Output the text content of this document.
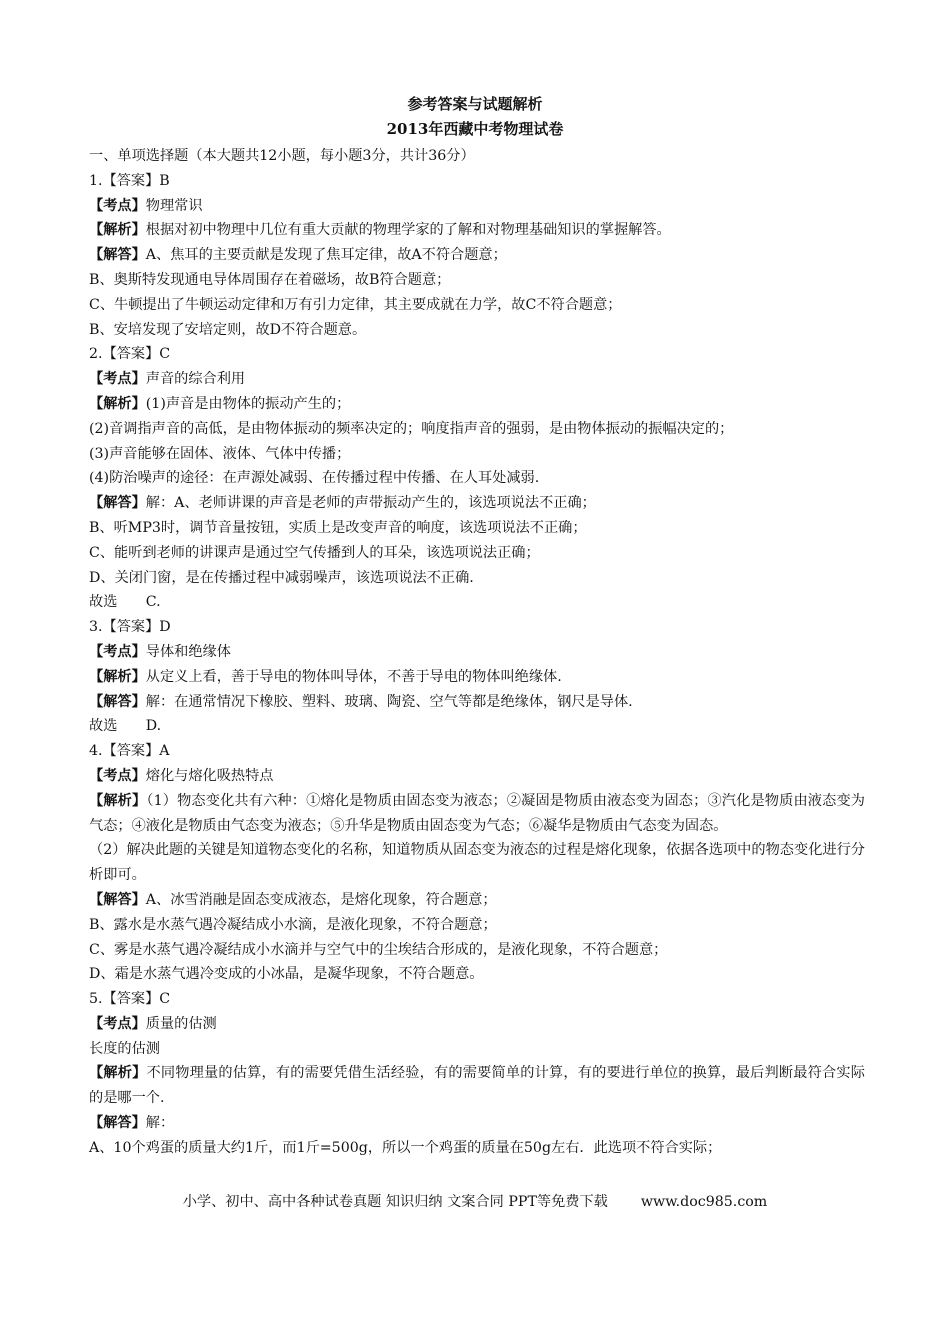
参考答案与试题解析
2013年西藏中考物理试卷
一、单项选择题（本大题共12小题，每小题3分，共计36分）
1.【答案】B
【考点】物理常识
【解析】根据对初中物理中几位有重大贡献的物理学家的了解和对物理基础知识的掌握解答。
【解答】A、焦耳的主要贡献是发现了焦耳定律，故A不符合题意；
B、奥斯特发现通电导体周围存在着磁场，故B符合题意；
C、牛顿提出了牛顿运动定律和万有引力定律，其主要成就在力学，故C不符合题意；
B、安培发现了安培定则，故D不符合题意。
2.【答案】C
【考点】声音的综合利用
【解析】(1)声音是由物体的振动产生的；
(2)音调指声音的高低，是由物体振动的频率决定的；响度指声音的强弱，是由物体振动的振幅决定的；
(3)声音能够在固体、液体、气体中传播；
(4)防治噪声的途径：在声源处减弱、在传播过程中传播、在人耳处减弱.
【解答】解：A、老师讲课的声音是老师的声带振动产生的，该选项说法不正确；
B、听MP3时，调节音量按钮，实质上是改变声音的响度，该选项说法不正确；
C、能听到老师的讲课声是通过空气传播到人的耳朵，该选项说法正确；
D、关闭门窗，是在传播过程中减弱噪声，该选项说法不正确.
故选　　C.
3.【答案】D
【考点】导体和绝缘体
【解析】从定义上看，善于导电的物体叫导体，不善于导电的物体叫绝缘体.
【解答】解：在通常情况下橡胶、塑料、玻璃、陶瓷、空气等都是绝缘体，钢尺是导体.
故选　　D.
4.【答案】A
【考点】熔化与熔化吸热特点
【解析】（1）物态变化共有六种：①熔化是物质由固态变为液态；②凝固是物质由液态变为固态；③汽化是物质由液态变为气态；④液化是物质由气态变为液态；⑤升华是物质由固态变为气态；⑥凝华是物质由气态变为固态。
（2）解决此题的关键是知道物态变化的名称，知道物质从固态变为液态的过程是熔化现象，依据各选项中的物态变化进行分析即可。
【解答】A、冰雪消融是固态变成液态，是熔化现象，符合题意；
B、露水是水蒸气遇冷凝结成小水滴，是液化现象，不符合题意；
C、雾是水蒸气遇冷凝结成小水滴并与空气中的尘埃结合形成的，是液化现象，不符合题意；
D、霜是水蒸气遇冷变成的小冰晶，是凝华现象，不符合题意。
5.【答案】C
【考点】质量的估测
长度的估测
【解析】不同物理量的估算，有的需要凭借生活经验，有的需要简单的计算，有的要进行单位的换算，最后判断最符合实际的是哪一个.
【解答】解：
A、10个鸡蛋的质量大约1斤，而1斤=500g，所以一个鸡蛋的质量在50g左右．此选项不符合实际；
小学、初中、高中各种试卷真题 知识归纳 文案合同 PPT等免费下载 www.doc985.com
